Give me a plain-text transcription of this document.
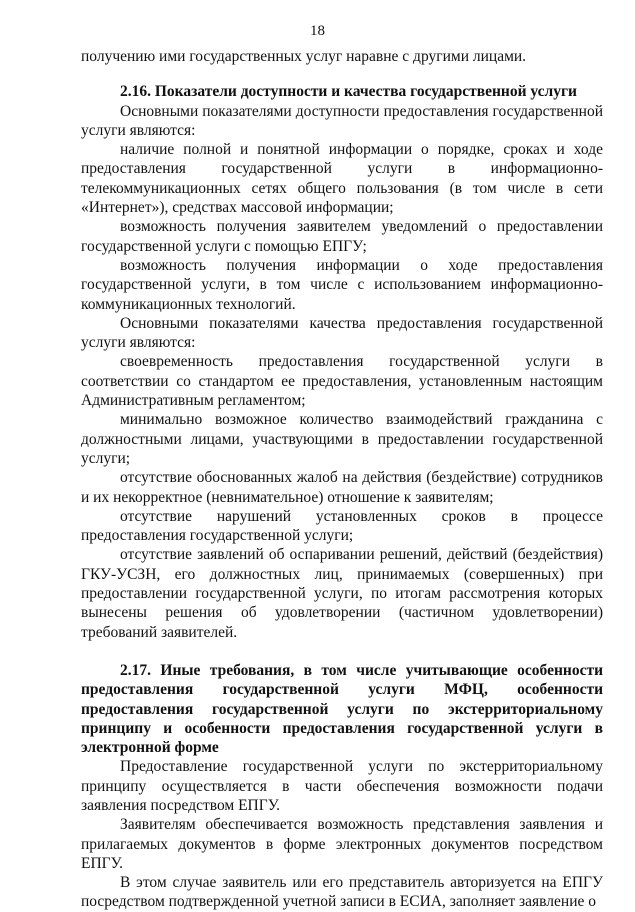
18

получению ими государственных услуг наравне с другими лицами.

2.16. Показатели доступности и качества государственной услуги

Основными показателями доступности предоставления государственной услуги являются:

наличие полной и понятной информации о порядке, сроках и ходе предоставления государственной услуги в информационно-телекоммуникационных сетях общего пользования (в том числе в сети «Интернет»), средствах массовой информации;

возможность получения заявителем уведомлений о предоставлении государственной услуги с помощью ЕПГУ;

возможность получения информации о ходе предоставления государственной услуги, в том числе с использованием информационно-коммуникационных технологий.

Основными показателями качества предоставления государственной услуги являются:

своевременность предоставления государственной услуги в соответствии со стандартом ее предоставления, установленным настоящим Административным регламентом;

минимально возможное количество взаимодействий гражданина с должностными лицами, участвующими в предоставлении государственной услуги;

отсутствие обоснованных жалоб на действия (бездействие) сотрудников и их некорректное (невнимательное) отношение к заявителям;

отсутствие нарушений установленных сроков в процессе предоставления государственной услуги;

отсутствие заявлений об оспаривании решений, действий (бездействия) ГКУ-УСЗН, его должностных лиц, принимаемых (совершенных) при предоставлении государственной услуги, по итогам рассмотрения которых вынесены решения об удовлетворении (частичном удовлетворении) требований заявителей.

2.17. Иные требования, в том числе учитывающие особенности предоставления государственной услуги МФЦ, особенности предоставления государственной услуги по экстерриториальному принципу и особенности предоставления государственной услуги в электронной форме

Предоставление государственной услуги по экстерриториальному принципу осуществляется в части обеспечения возможности подачи заявления посредством ЕПГУ.

Заявителям обеспечивается возможность представления заявления и прилагаемых документов в форме электронных документов посредством ЕПГУ.

В этом случае заявитель или его представитель авторизуется на ЕПГУ посредством подтвержденной учетной записи в ЕСИА, заполняет заявление о
